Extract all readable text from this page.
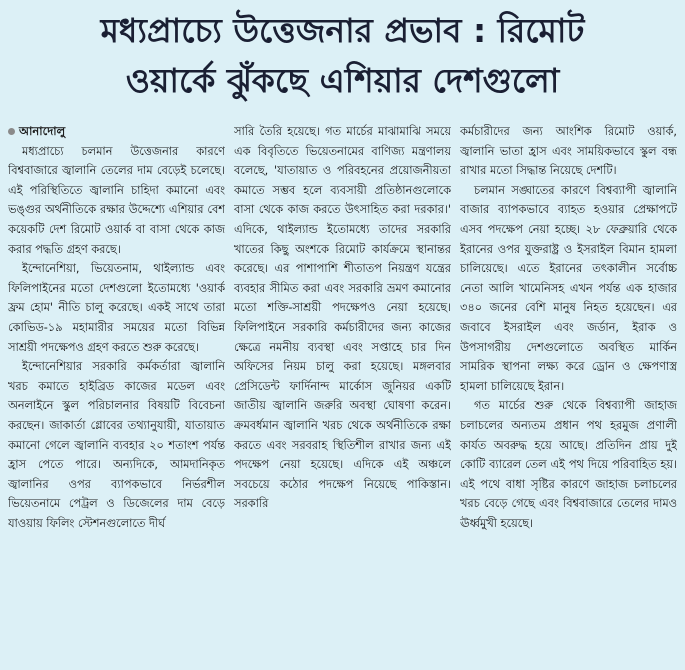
মধ্যপ্রাচ্যে উত্তেজনার প্রভাব : রিমোট
ওয়ার্কে ঝুঁকছে এশিয়ার দেশগুলো
আনাদোলু

মধ্যপ্রাচ্যে চলমান উত্তেজনার কারণে বিশ্ববাজারে জ্বালানি তেলের দাম বেড়েই চলেছে। এই পরিস্থিতিতে জ্বালানি চাহিদা কমানো এবং ভঙ্গুর অর্থনীতিকে রক্ষার উদ্দেশ্যে এশিয়ার বেশ কয়েকটি দেশ রিমোট ওয়ার্ক বা বাসা থেকে কাজ করার পদ্ধতি গ্রহণ করছে।

ইন্দোনেশিয়া, ভিয়েতনাম, থাইল্যান্ড এবং ফিলিপাইনের মতো দেশগুলো ইতোমধ্যে 'ওয়ার্ক ফ্রম হোম' নীতি চালু করেছে। একই সাথে তারা কোভিড-১৯ মহামারীর সময়ের মতো বিভিন্ন সাশ্রয়ী পদক্ষেপও গ্রহণ করতে শুরু করেছে।

ইন্দোনেশিয়ার সরকারি কর্মকর্তারা জ্বালানি খরচ কমাতে হাইব্রিড কাজের মডেল এবং অনলাইনে স্কুল পরিচালনার বিষয়টি বিবেচনা করছেন। জাকার্তা গ্লোবের তথ্যানুযায়ী, যাতায়াত কমানো গেলে জ্বালানি ব্যবহার ২০ শতাংশ পর্যন্ত হ্রাস পেতে পারে। অন্যদিকে, আমদানিকৃত জ্বালানির ওপর ব্যাপকভাবে নির্ভরশীল ভিয়েতনামে পেট্রল ও ডিজেলের দাম বেড়ে যাওয়ায় ফিলিং স্টেশনগুলোতে দীর্ঘ

সারি তৈরি হয়েছে। গত মার্চের মাঝামাঝি সময়ে এক বিবৃতিতে ভিয়েতনামের বাণিজ্য মন্ত্রণালয় বলেছে, 'যাতায়াত ও পরিবহনের প্রয়োজনীয়তা কমাতে সম্ভব হলে ব্যবসায়ী প্রতিষ্ঠানগুলোকে বাসা থেকে কাজ করতে উৎসাহিত করা দরকার।' এদিকে, থাইল্যান্ড ইতোমধ্যে তাদের সরকারি খাতের কিছু অংশকে রিমোট কার্যক্রমে স্থানান্তর করেছে। এর পাশাপাশি শীতাতপ নিয়ন্ত্রণ যন্ত্রের ব্যবহার সীমিত করা এবং সরকারি ভ্রমণ কমানোর মতো শক্তি-সাশ্রয়ী পদক্ষেপও নেয়া হয়েছে। ফিলিপাইনে সরকারি কর্মচারীদের জন্য কাজের ক্ষেত্রে নমনীয় ব্যবস্থা এবং সপ্তাহে চার দিন অফিসের নিয়ম চালু করা হয়েছে। মঙ্গলবার প্রেসিডেন্ট ফার্দিনান্দ মার্কোস জুনিয়র একটি জাতীয় জ্বালানি জরুরি অবস্থা ঘোষণা করেন। ক্রমবর্ধমান জ্বালানি খরচ থেকে অর্থনীতিকে রক্ষা করতে এবং সরবরাহ স্থিতিশীল রাখার জন্য এই পদক্ষেপ নেয়া হয়েছে। এদিকে এই অঞ্চলে সবচেয়ে কঠোর পদক্ষেপ নিয়েছে পাকিস্তান। সরকারি

কর্মচারীদের জন্য আংশিক রিমোট ওয়ার্ক, জ্বালানি ভাতা হ্রাস এবং সাময়িকভাবে স্কুল বন্ধ রাখার মতো সিদ্ধান্ত নিয়েছে দেশটি।

চলমান সঙ্ঘাতের কারণে বিশ্বব্যাপী জ্বালানি বাজার ব্যাপকভাবে ব্যাহত হওয়ার প্রেক্ষাপটে এসব পদক্ষেপ নেয়া হচ্ছে। ২৮ ফেব্রুয়ারি থেকে ইরানের ওপর যুক্তরাষ্ট্র ও ইসরাইল বিমান হামলা চালিয়েছে। এতে ইরানের তৎকালীন সর্বোচ্চ নেতা আলি খামেনিসহ এখন পর্যন্ত এক হাজার ৩৪০ জনের বেশি মানুষ নিহত হয়েছেন। এর জবাবে ইসরাইল এবং জর্ডান, ইরাক ও উপসাগরীয় দেশগুলোতে অবস্থিত মার্কিন সামরিক স্থাপনা লক্ষ্য করে ড্রোন ও ক্ষেপণাস্ত্র হামলা চালিয়েছে ইরান।

গত মার্চের শুরু থেকে বিশ্বব্যাপী জাহাজ চলাচলের অন্যতম প্রধান পথ হরমুজ প্রণালী কার্যত অবরুদ্ধ হয়ে আছে। প্রতিদিন প্রায় দুই কোটি ব্যারেল তেল এই পথ দিয়ে পরিবাহিত হয়। এই পথে বাধা সৃষ্টির কারণে জাহাজ চলাচলের খরচ বেড়ে গেছে এবং বিশ্ববাজারে তেলের দামও ঊর্ধ্বমুখী হয়েছে।
